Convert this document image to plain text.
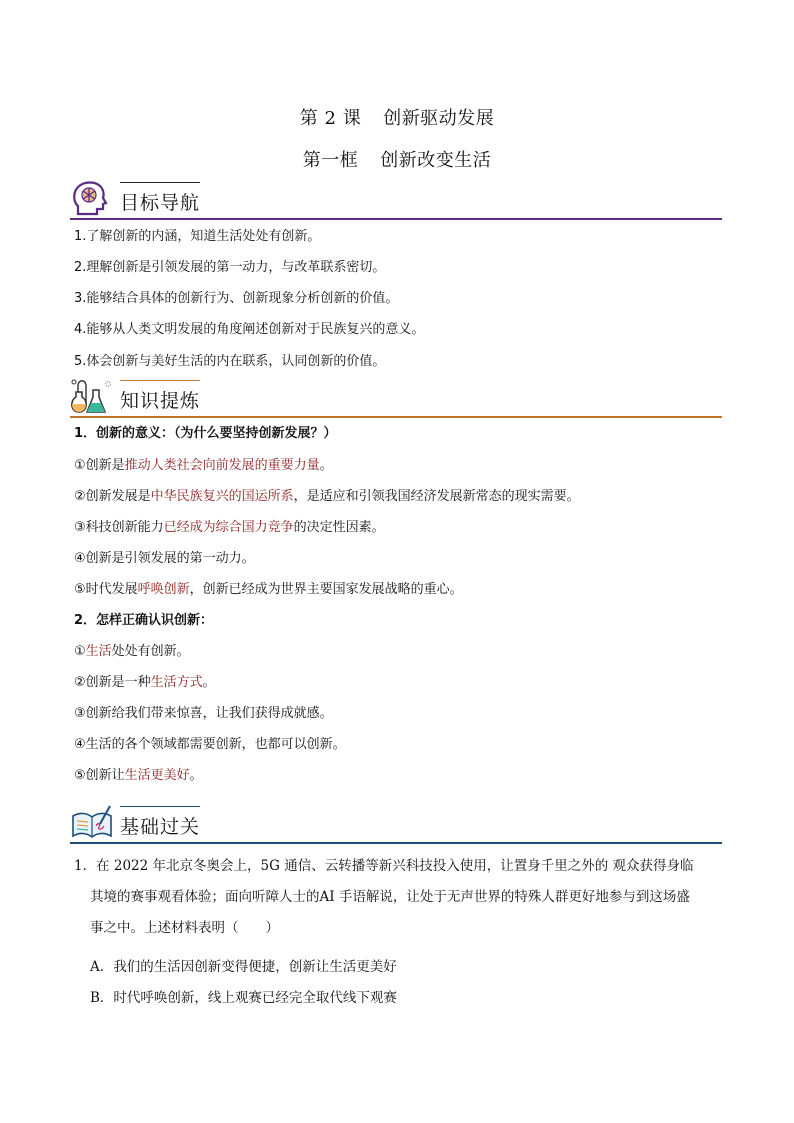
第 2 课 创新驱动发展
第一框 创新改变生活
目标导航
1.了解创新的内涵，知道生活处处有创新。
2.理解创新是引领发展的第一动力，与改革联系密切。
3.能够结合具体的创新行为、创新现象分析创新的价值。
4.能够从人类文明发展的角度阐述创新对于民族复兴的意义。
5.体会创新与美好生活的内在联系，认同创新的价值。
知识提炼
1．创新的意义：（为什么要坚持创新发展？）
①创新是推动人类社会向前发展的重要力量。
②创新发展是中华民族复兴的国运所系，是适应和引领我国经济发展新常态的现实需要。
③科技创新能力已经成为综合国力竞争的决定性因素。
④创新是引领发展的第一动力。
⑤时代发展呼唤创新，创新已经成为世界主要国家发展战略的重心。
2．怎样正确认识创新：
①生活处处有创新。
②创新是一种生活方式。
③创新给我们带来惊喜，让我们获得成就感。
④生活的各个领域都需要创新，也都可以创新。
⑤创新让生活更美好。
基础过关
1．在 2022 年北京冬奥会上，5G 通信、云转播等新兴科技投入使用，让置身千里之外的 观众获得身临
其境的赛事观看体验；面向听障人士的AI 手语解说，让处于无声世界的特殊人群更好地参与到这场盛
事之中。上述材料表明（　　）
A．我们的生活因创新变得便捷，创新让生活更美好
B．时代呼唤创新，线上观赛已经完全取代线下观赛
